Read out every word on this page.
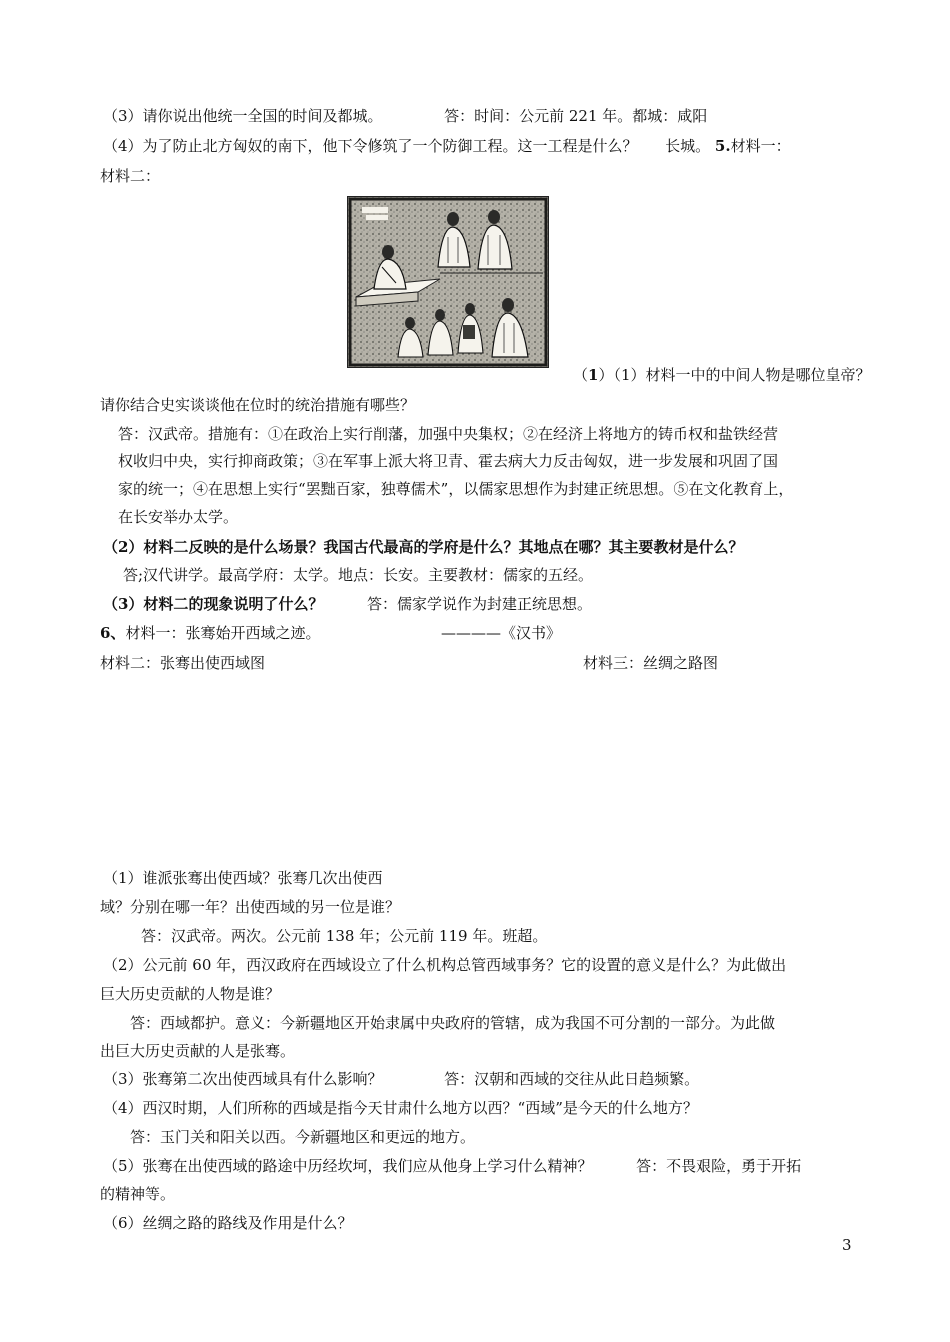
（3）请你说出他统一全国的时间及都城。	答：时间：公元前 221 年。都城：咸阳
（4）为了防止北方匈奴的南下，他下令修筑了一个防御工程。这一工程是什么？ 长城。 5.材料一：
材料二：
（1）（1）材料一中的中间人物是哪位皇帝？
请你结合史实谈谈他在位时的统治措施有哪些？
答：汉武帝。措施有：①在政治上实行削藩，加强中央集权；②在经济上将地方的铸币权和盐铁经营
权收归中央，实行抑商政策；③在军事上派大将卫青、霍去病大力反击匈奴，进一步发展和巩固了国
家的统一；④在思想上实行“罢黜百家，独尊儒术”，以儒家思想作为封建正统思想。⑤在文化教育上，
在长安举办太学。
（2）材料二反映的是什么场景？我国古代最高的学府是什么？其地点在哪？其主要教材是什么？
答;汉代讲学。最高学府：太学。地点：长安。主要教材：儒家的五经。
（3）材料二的现象说明了什么？	答：儒家学说作为封建正统思想。
6、材料一：张骞始开西域之迹。	————《汉书》
材料二：张骞出使西域图	材料三：丝绸之路图
（1）谁派张骞出使西域？张骞几次出使西
域？分别在哪一年？出使西域的另一位是谁？
答：汉武帝。两次。公元前 138 年；公元前 119 年。班超。
（2）公元前 60 年，西汉政府在西域设立了什么机构总管西域事务？它的设置的意义是什么？为此做出
巨大历史贡献的人物是谁？
答：西域都护。意义：今新疆地区开始隶属中央政府的管辖，成为我国不可分割的一部分。为此做
出巨大历史贡献的人是张骞。
（3）张骞第二次出使西域具有什么影响？	答：汉朝和西域的交往从此日趋频繁。
（4）西汉时期，人们所称的西域是指今天甘肃什么地方以西？“西域”是今天的什么地方？
答：玉门关和阳关以西。今新疆地区和更远的地方。
（5）张骞在出使西域的路途中历经坎坷，我们应从他身上学习什么精神？	答：不畏艰险，勇于开拓
的精神等。
（6）丝绸之路的路线及作用是什么？
3
